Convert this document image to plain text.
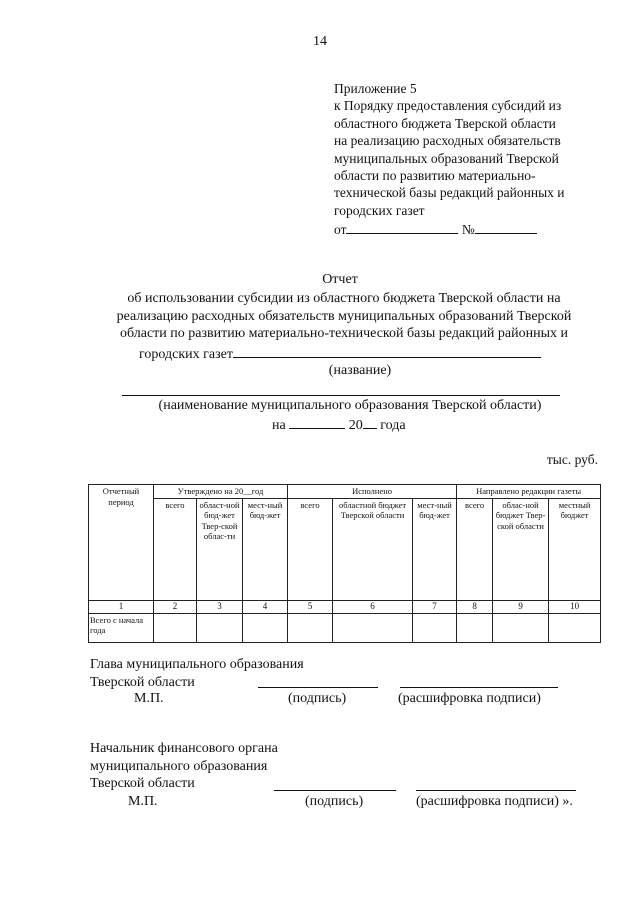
14
Приложение 5
к Порядку предоставления субсидий из
областного бюджета Тверской области
на реализацию расходных обязательств
муниципальных образований Тверской
области по развитию материально-
технической базы редакций районных и
городских газет
от	№
Отчет
об использовании субсидии из областного бюджета Тверской области на
реализацию расходных обязательств муниципальных образований Тверской
области по развитию материально-технической базы редакций районных и
городских газет
(название)
(наименование муниципального образования Тверской области)
на	20 года
тыс. руб.
Отчетный период	Утверждено на 20__год			Исполнено			Направлено редакции газеты		
	всего	област-ной бюд-жет Твер-ской облас-ти	мест-ный бюд-жет	всего	областной бюджет Тверской области	мест-ный бюд-жет	всего	облас-ной бюджет Твер-ской области	местный бюджет
1	2	3	4	5	6	7	8	9	10
Всего с начала года									
Глава муниципального образования
Тверской области
М.П.	(подпись)	(расшифровка подписи)
Начальник финансового органа
муниципального образования
Тверской области
М.П.	(подпись)	(расшифровка подписи) ».
